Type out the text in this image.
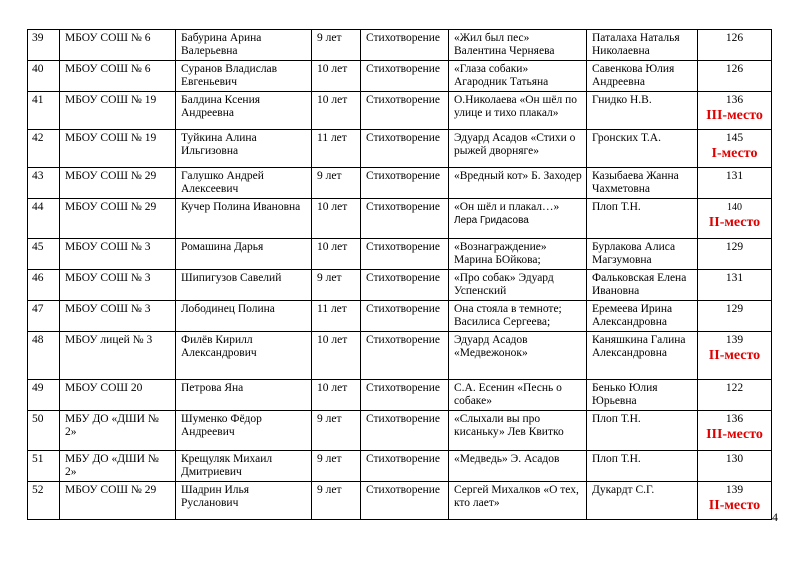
39	МБОУ СОШ № 6	Бабурина Арина Валерьевна	9 лет	Стихотворение	«Жил был пес» Валентина Черняева	Паталаха Наталья Николаевна	126

40	МБОУ СОШ № 6	Суранов Владислав Евгеньевич	10 лет	Стихотворение	«Глаза собаки» Агародник Татьяна	Савенкова Юлия Андреевна	126

41	МБОУ СОШ № 19	Балдина Ксения Андреевна	10 лет	Стихотворение	О.Николаева «Он шёл по улице и тихо плакал»	Гнидко Н.В.	136
III-место

42	МБОУ СОШ № 19	Туйкина Алина Ильгизовна	11 лет	Стихотворение	Эдуард Асадов «Стихи о рыжей дворняге»	Гронских Т.А.	145
I-место

43	МБОУ СОШ № 29	Галушко Андрей Алексеевич	9 лет	Стихотворение	«Вредный кот» Б. Заходер	Казыбаева Жанна Чахметовна	131

44	МБОУ СОШ № 29	Кучер Полина Ивановна	10 лет	Стихотворение	«Он шёл и плакал…»
Лера Гридасова	Плоп Т.Н.	140
II-место

45	МБОУ СОШ № 3	Ромашина Дарья	10 лет	Стихотворение	«Вознаграждение» Марина БОйкова;	Бурлакова Алиса Магзумовна	129

46	МБОУ СОШ № 3	Шипигузов Савелий	9 лет	Стихотворение	«Про собак» Эдуард Успенский	Фальковская Елена Ивановна	131

47	МБОУ СОШ № 3	Лободинец Полина	11 лет	Стихотворение	Она стояла в темноте; Василиса Сергеева;	Еремеева Ирина Александровна	129

48	МБОУ лицей № 3	Филёв Кирилл Александрович	10 лет	Стихотворение	Эдуард Асадов «Медвежонок»	Каняшкина Галина Александровна	139
II-место

49	МБОУ СОШ 20	Петрова Яна	10 лет	Стихотворение	С.А. Есенин «Песнь о собаке»	Бенько Юлия Юрьевна	122

50	МБУ ДО «ДШИ № 2»	Шуменко Фёдор Андреевич	9 лет	Стихотворение	«Слыхали вы про кисаньку» Лев Квитко	Плоп Т.Н.	136
III-место

51	МБУ ДО «ДШИ № 2»	Крещуляк Михаил Дмитриевич	9 лет	Стихотворение	«Медведь» Э. Асадов	Плоп Т.Н.	130

52	МБОУ СОШ № 29	Шадрин Илья Русланович	9 лет	Стихотворение	Сергей Михалков «О тех, кто лает»	Дукардт С.Г.	139
II-место
4
